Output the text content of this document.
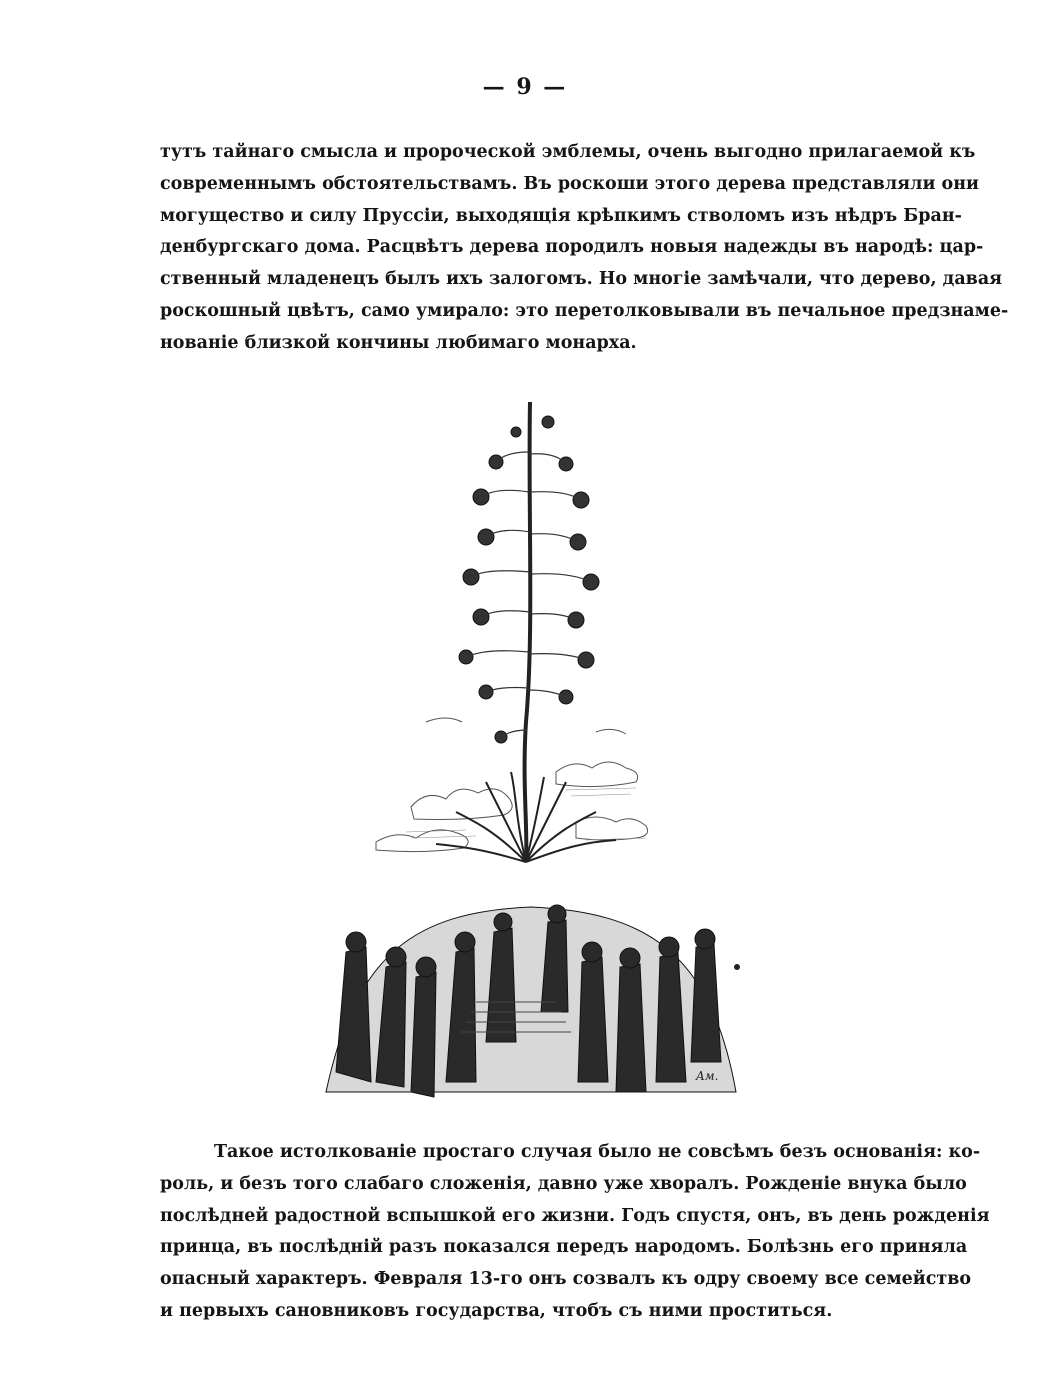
— 9 —
тутъ тайнаго смысла и пророческой эмблемы, очень выгодно прилагаемой къ
современнымъ обстоятельствамъ. Въ роскоши этого дерева представляли они
могущество и силу Пруссіи, выходящія крѣпкимъ стволомъ изъ нѣдръ Бран-
денбургскаго дома. Расцвѣтъ дерева породилъ новыя надежды въ народѣ: цар-
ственный младенецъ былъ ихъ залогомъ. Но многіе замѣчали, что дерево, давая
роскошный цвѣтъ, само умирало: это перетолковывали въ печальное предзнаме-
нованіе близкой кончины любимаго монарха.
Aм.
Такое истолкованіе простаго случая было не совсѣмъ безъ основанія: ко-
роль, и безъ того слабаго сложенія, давно уже хворалъ. Рожденіе внука было
послѣдней радостной вспышкой его жизни. Годъ спустя, онъ, въ день рожденія
принца, въ послѣдній разъ показался передъ народомъ. Болѣзнь его приняла
опасный характеръ. Февраля 13-го онъ созвалъ къ одру своему все семейство
и первыхъ сановниковъ государства, чтобъ съ ними проститься.
